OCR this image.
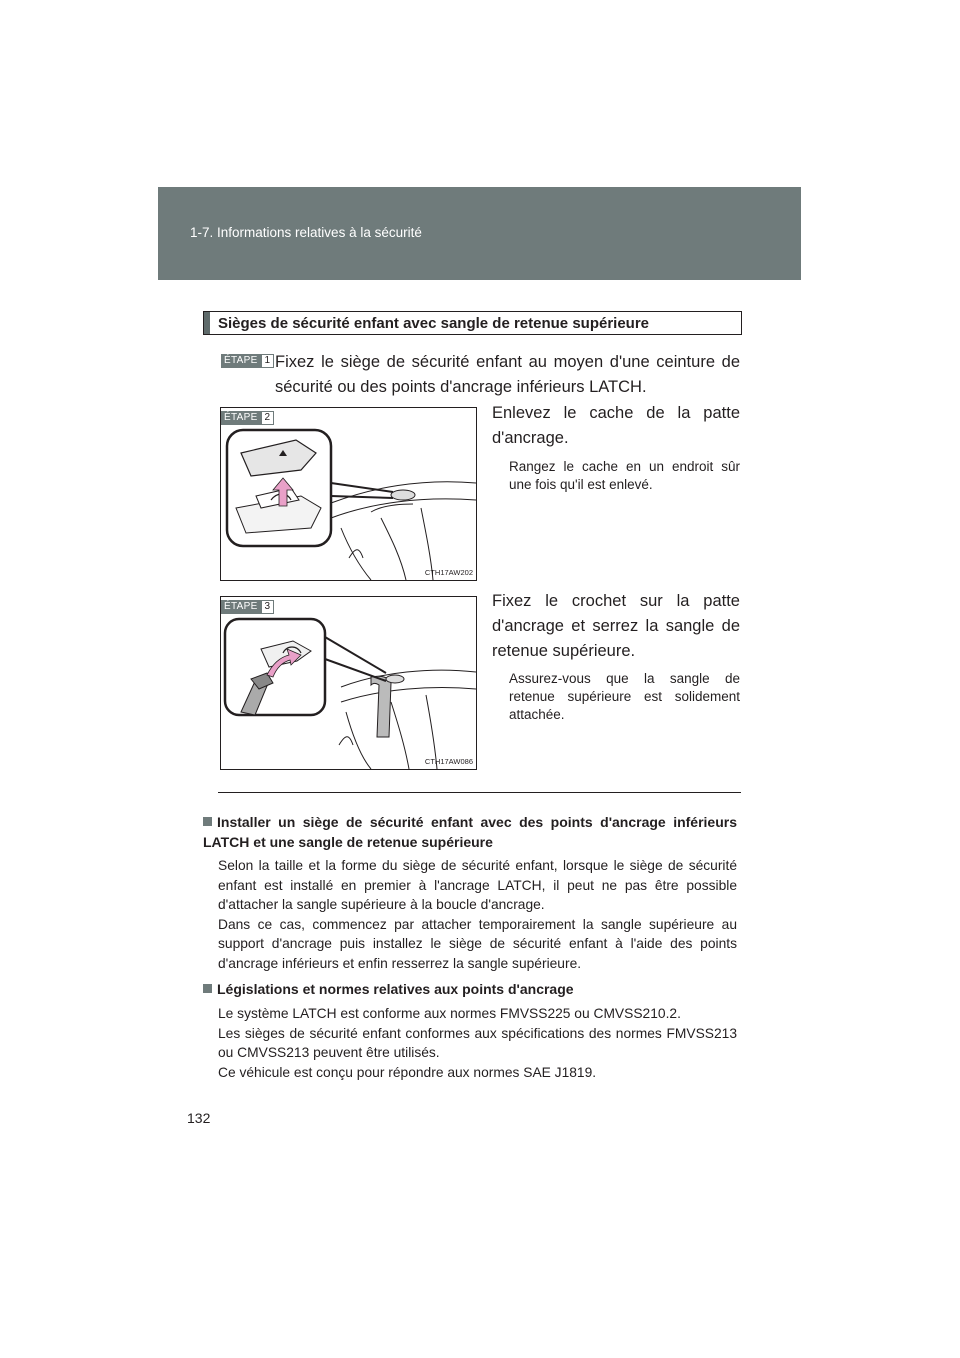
1-7. Informations relatives à la sécurité
Sièges de sécurité enfant avec sangle de retenue supérieure
ÉTAPE 1 Fixez le siège de sécurité enfant au moyen d'une ceinture de sécurité ou des points d'ancrage inférieurs LATCH.
ÉTAPE 2
CTH17AW202
Enlevez le cache de la patte d'ancrage.
Rangez le cache en un endroit sûr une fois qu'il est enlevé.
ÉTAPE 3
CTH17AW086
Fixez le crochet sur la patte d'ancrage et serrez la sangle de retenue supérieure.
Assurez-vous que la sangle de retenue supérieure est solidement attachée.
Installer un siège de sécurité enfant avec des points d'ancrage inférieurs LATCH et une sangle de retenue supérieure
Selon la taille et la forme du siège de sécurité enfant, lorsque le siège de sécurité enfant est installé en premier à l'ancrage LATCH, il peut ne pas être possible d'attacher la sangle supérieure à la boucle d'ancrage.
Dans ce cas, commencez par attacher temporairement la sangle supérieure au support d'ancrage puis installez le siège de sécurité enfant à l'aide des points d'ancrage inférieurs et enfin resserrez la sangle supérieure.
Législations et normes relatives aux points d'ancrage
Le système LATCH est conforme aux normes FMVSS225 ou CMVSS210.2.
Les sièges de sécurité enfant conformes aux spécifications des normes FMVSS213 ou CMVSS213 peuvent être utilisés.
Ce véhicule est conçu pour répondre aux normes SAE J1819.
132
